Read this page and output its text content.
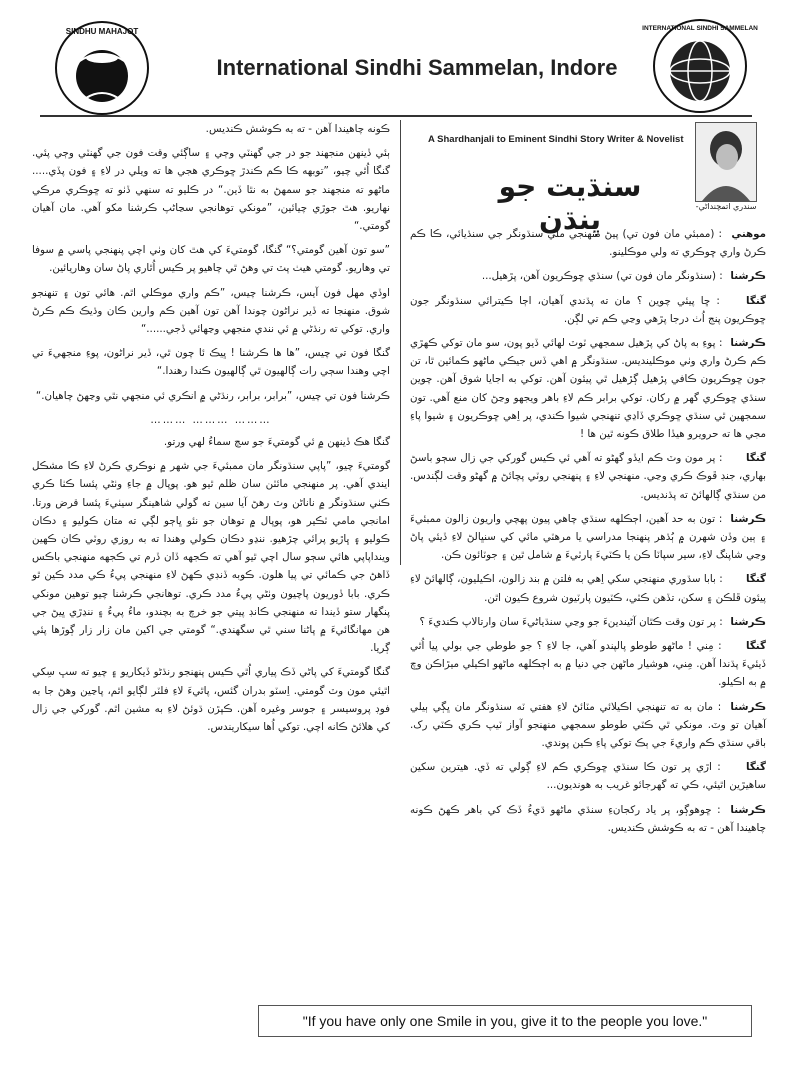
SINDHU MAHAJOT
International Sindhi Sammelan, Indore
INTERNATIONAL SINDHI SAMMELAN
A Shardhanjali to Eminent Sindhi Story Writer & Novelist
-سندري اتمچنداڻي
سنڌيت جو پنڌن

ڪونه چاهيندا آهن - ته به ڪوشش ڪنديس.

ٻئي ڏينهن منجهند جو در جي گهنٽي وڄي ۽ ساڳئي وقت فون جي گهنٽي وڄي پئي. گنگا اُٿي چيو، ”توبهه ڪا ڪم ڪندڙ ڇوڪري هجي ها ته ويلي در لاءِ ۽ فون پڏي..... ماڻهو ته منجهند جو سمهڻ به نٿا ڏين.“ در ڪليو ته سنهي ڏٺو ته ڇوڪري مرڪي نهاريو. هٿ جوڙي چيائين، ”مونکي توهانجي سڃاڻپ ڪرشنا مکو آهي. مان آهيان گومتي.“

”سو تون آهين گومتي؟“ گنگا، گومتيءَ کي هٿ کان وٺي اچي پنهنجي پاسي ۾ سوفا تي وهاريو. گومتي هيٺ پٽ تي وهڻ ٿي چاهيو پر ڪيس اُٿاري پاڻ سان وهاريائين.

اوڏي مهل فون آيس، ڪرشنا چيس، ”ڪم واري موڪلي اٿم. هائي تون ۽ تنهنجو شوق. منهنجا ته ڏير نراڻون چوندا آهن تون آهين ڪم وارين ڪان وڌيڪ ڪم ڪرڻ واري. توکي ته رنڌڻي ۾ ئي نندي منجهي وڃهائي ڏجي......“

گنگا فون تي چيس، ”ها ها ڪرشنا ! ڀيڪ ئا چون ٿي، ڏير نراڻون، پوءِ منجهيءَ تي اچي وهندا سڄي رات ڳالهيون ٿي ڳالهيون ڪندا رهندا.“

ڪرشنا فون تي چيس، ”برابر، برابر، رنڌڻي ۾ انڪري ئي منجهي نٿي وڃهڻ چاهيان.“

……… ……… ………

گنگا هڪ ڏينهن ۾ ئي گومتيءَ جو سڄ سماءُ لهي ورتو.

گومتيءَ چيو، ”پاپي سنڌونگر مان ممبئيءَ جي شهر ۾ نوڪري ڪرڻ لاءِ ڪا مشڪل ايندي آهي. پر منهنجي مائٽن سان ظلم ٿيو هو. پوپال ۾ جاءِ وٺڻي پئسا ڪٺا ڪري ڪٺي سنڌونگر ۾ ناناڻن وٽ رهڻ آيا سين ته گولي شاهينگر سيٺيءَ پئسا قرض ورتا. امانجي مامي ٽڪير هو، پوپال ۾ توهان جو نئو ڀاڄو لڳي ته متان ڪوليو ۽ دڪان ڪوليو ۽ ڀاڙيو پرائي چڙهيو. ننڍو دڪان ڪولي وهندا ته به روزي روٽي ڪان ڪهين وينداپاپي هائي سڄو سال اچي ٿيو آهي ته ڪجهه ڏان ڏرم تي ڪجهه منهنجي باڪس ڏاهڻ جي ڪمائي تي پيا هلون. ڪوبه ڏنڊي ڪهڻ لاءِ منهنجي پيءُ ڪي مدد ڪين ٿو ڪري. بابا ڏوريون پاچيون وٺڻي پيءُ مدد ڪري. توهانجي ڪرشنا چيو توهين مونکي پنگهار ستو ڏيندا ته منهنجي ڪانڊ پيتي جو خرچ به بچندو، ماءُ پيءُ ۽ ننڍڙي ڀيڻ جي هن مهانگائيءَ ۾ پاڻنا سني ٿي سگهندي.“ گومتي جي اکين مان زار زار ڳوڙها پئي ڳريا.

گنگا گومتيءَ کي پاڻي ڏڪ پياري اُٿي ڪيس پنهنجو رنڌڻو ڏيکاريو ۽ چيو ته سڀ سِکي اٿيئي مون وٽ گومتي. اِسٽو بدران گئس، پاٿيءَ لاءِ فلٽر لڳايو اٿم، پاڃين وهڻ جا به فوڊ پروسيسر ۽ جوسر وغيره آهن. ڪپڙن ڌوئڻ لاءِ به مشين اٿم. گورکي جي زال کي هلائڻ ڪانه اچي. توکي اُها سيکاريندس.

موهني : (ممبئي مان فون تي) پيڻ منهنجي ملي سنڌونگر جي سنڌيائي، ڪا ڪم ڪرڻ واري ڇوڪري ته ولي موڪلينو.

ڪرشنا : (سنڌونگر مان فون تي) سنڌي ڇوڪريون آهن، پڙهيل...

گنگا : ڇا پيئي چوين ؟ مان ته پڌندي آهيان، اڄا ڪيترائي سنڌونگر جون ڇوڪريون پنج اُٺ درجا پڙهي وڃي ڪم تي لڳن.

ڪرشنا : پوءِ به پاڻ کي پڙهيل سمجهي ٽوٽ لهائي ڏيو پون، سو مان توکي ڪهڙي ڪم ڪرڻ واري وٺي موڪلينديس. سنڌونگر ۾ اهي ڏس جيڪي ماڻهو ڪمائين ٿا، تن جون ڇوڪريون ڪافي پڙهيل ڳڙهيل ٿي پيئون آهن. توکي به اجايا شوق آهن. چوين سنڌي ڇوڪري گهر ۾ رکان. توکي برابر ڪم لاءِ باهر ويجهو وڃڻ کان منع آهي. تون سمجهين ٿي سنڌي ڇوڪري ڏاڍي تنهنجي شيوا ڪندي، پر اِهي ڇوڪريون ۽ شيوا پاءِ مجي ها ته حرويرو هيڏا طلاق ڪونه ٿين ها !

گنگا : پر مون وٽ ڪم ايڏو گهڻو ته آهي ئي ڪيس گورکي جي زال سڄو باسڻ بهاري، جنڊ ڦوڪ ڪري وڃي. منهنجي لاءِ ۽ پنهنجي روٽي پچائڻ ۾ گهڻو وقت لڳندس. من سنڌي ڳالهائڻ ته پڌنديس.

ڪرشنا : تون به حد آهين، اڄڪلهه سنڌي چاهي پيون پهچي واريون زالون ممبئيءَ ۽ ٻين وڏن شهرن ۾ ٻُڌهر پنهنجا مدراسي يا مرهٽي مائي کي سنڀالڻ لاءِ ڏيئي پاڻ وڃي شاپنگ لاءِ، سير سپاٽا ڪن يا ڪٽيءَ پارٽيءَ ۾ شامل ٿين ۽ جوٽائون ڪن.

گنگا : بابا سڌوري منهنجي سکي اِهي به فلتن ۾ بند زالون، اڪيليون، ڳالهائڻ لاءِ پيئون ڦلڪن ۽ سکن، تڏهن ڪٽي، ڪٽيون پارٽيون شروع ڪيون اٿن.

ڪرشنا : پر تون وقت ڪٿان آڻيندينءَ جو وڃي سنڌياڻيءَ سان وارتالاپ ڪنديءَ ؟

گنگا : مِني ! ماڻهو طوطو پالپندو آهي، جا لاءِ ؟ جو طوطي جي بولي پيا اُٿي ڏيئيءَ پڌندا آهن. مِني، هوشيار ماڻهن جي دنيا ۾ به اڄڪلهه ماڻهو اڪيلي ميڙاڪن وچ ۾ به اڪيلو.

ڪرشنا : مان به ته تنهنجي اڪيلائي مٽائڻ لاءِ هفتي ٽه سنڌونگر مان ڀڳي ٻيلي آهيان تو وٽ. مونکي ٿي ڪٽي طوطو سمجهي منهنجو آواز ٽيپ ڪري ڪٽي رک. باقي سنڌي ڪم واريءَ جي ٻڪ توکي پاءِ ڪين پوندي.

گنگا : اڙي پر تون ڪا سنڌي ڇوڪري ڪم لاءِ ڳولي ته ڏي. هيترين سکين ساهيڙين اٿيئي، ڪي ته گهرجائو غريب به هونديون...

ڪرشنا : ڇوهوڳو، پر ياد رکجانءِ سنڌي ماڻهو ڌيءُ ڏڪ کي باهر ڪهڻ ڪونه چاهيندا آهن - ته به ڪوشش ڪنديس.

"If you have only one Smile in you, give it to the people you love."
